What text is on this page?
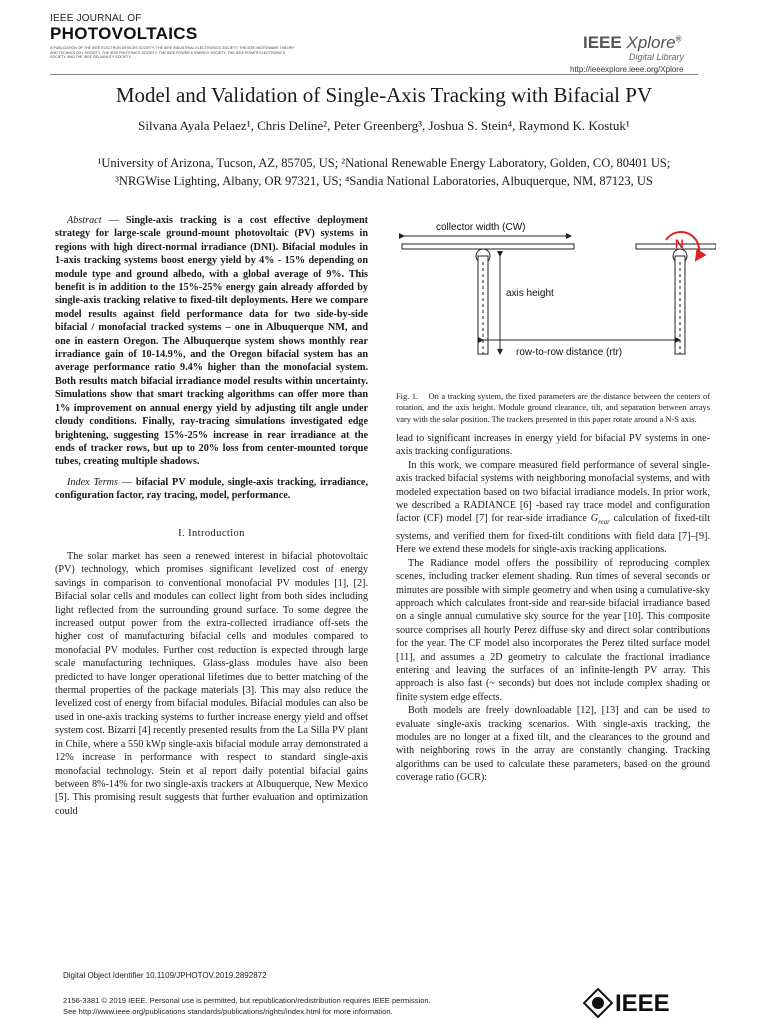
IEEE JOURNAL OF
PHOTOVOLTAICS
A PUBLICATION OF THE IEEE ELECTRON DEVICES SOCIETY, THE IEEE INDUSTRIAL ELECTRONICS SOCIETY, THE IEEE MICROWAVE THEORY AND TECHNOLOGY SOCIETY, THE IEEE PHOTONICS SOCIETY, THE IEEE POWER & ENERGY SOCIETY, THE IEEE POWER ELECTRONICS SOCIETY, AND THE IEEE RELIABILITY SOCIETY
IEEE Xplore®
Digital Library
http://ieeexplore.ieee.org/Xplore
Model and Validation of Single-Axis Tracking with Bifacial PV
Silvana Ayala Pelaez¹, Chris Deline², Peter Greenberg³, Joshua S. Stein⁴, Raymond K. Kostuk¹
¹University of Arizona, Tucson, AZ, 85705, US; ²National Renewable Energy Laboratory, Golden, CO, 80401 US;
³NRGWise Lighting, Albany, OR 97321, US; ⁴Sandia National Laboratories, Albuquerque, NM, 87123, US

Abstract — Single-axis tracking is a cost effective deployment strategy for large-scale ground-mount photovoltaic (PV) systems in regions with high direct-normal irradiance (DNI). Bifacial modules in 1-axis tracking systems boost energy yield by 4% - 15% depending on module type and ground albedo, with a global average of 9%. This benefit is in addition to the 15%-25% energy gain already afforded by single-axis tracking relative to fixed-tilt deployments. Here we compare model results against field performance data for two side-by-side bifacial / monofacial tracked systems – one in Albuquerque NM, and one in eastern Oregon. The Albuquerque system shows monthly rear irradiance gain of 10-14.9%, and the Oregon bifacial system has an average performance ratio 9.4% higher than the monofacial system. Both results match bifacial irradiance model results within uncertainty. Simulations show that smart tracking algorithms can offer more than 1% improvement on annual energy yield by adjusting tilt angle under cloudy conditions. Finally, ray-tracing simulations investigated edge brightening, suggesting 15%-25% increase in rear irradiance at the ends of tracker rows, but up to 20% loss from center-mounted torque tubes, creating multiple shadows.

Index Terms — bifacial PV module, single-axis tracking, irradiance, configuration factor, ray tracing, model, performance.

I. Introduction

The solar market has seen a renewed interest in bifacial photovoltaic (PV) technology, which promises significant levelized cost of energy savings in comparison to conventional monofacial PV modules [1], [2]. Bifacial solar cells and modules can collect light from both sides including light reflected from the surrounding ground surface. To some degree the increased output power from the extra-collected irradiance off-sets the higher cost of manufacturing bifacial cells and modules compared to monofacial PV modules. Further cost reduction is expected through large scale manufacturing techniques. Glass-glass modules have also been predicted to have longer operational lifetimes due to better matching of the thermal properties of the package materials [3]. This may also reduce the levelized cost of energy from bifacial modules. Bifacial modules can also be used in one-axis tracking systems to further increase energy yield and offset system cost. Bizarri [4] recently presented results from the La Silla PV plant in Chile, where a 550 kWp single-axis bifacial module array demonstrated a 12% increase in performance with respect to standard single-axis monofacial technology. Stein et al report daily potential bifacial gains between 8%-14% for two single-axis trackers at Albuquerque, New Mexico [5]. This promising result suggests that further evaluation and optimization could

collector width (CW)
axis height
N
row-to-row distance (rtr)
Fig. 1. On a tracking system, the fixed parameters are the distance between the centers of rotation, and the axis height. Module ground clearance, tilt, and separation between arrays vary with the solar position. The trackers presented in this paper rotate around a N-S axis.

lead to significant increases in energy yield for bifacial PV systems in one-axis tracking configurations.

In this work, we compare measured field performance of several single-axis tracked bifacial systems with neighboring monofacial systems, and with modeled expectation based on two bifacial irradiance models. In prior work, we described a RADIANCE [6] -based ray trace model and configuration factor (CF) model [7] for rear-side irradiance $G_{rear}$ calculation of fixed-tilt systems, and verified them for fixed-tilt conditions with field data [7]–[9]. Here we extend these models for single-axis tracking applications.

The Radiance model offers the possibility of reproducing complex scenes, including tracker element shading. Run times of several seconds or minutes are possible with simple geometry and when using a cumulative-sky approach which calculates front-side and rear-side bifacial irradiance based on a single annual cumulative sky source for the year [10]. This composite source comprises all hourly Perez diffuse sky and direct solar contributions for the year. The CF model also incorporates the Perez tilted surface model [11], and assumes a 2D geometry to calculate the fractional irradiance entering and leaving the surfaces of an infinite-length PV array. This approach is also fast (~ seconds) but does not include complex shading or finite system edge effects.

Both models are freely downloadable [12], [13] and can be used to evaluate single-axis tracking scenarios. With single-axis tracking, the modules are no longer at a fixed tilt, and the clearances to the ground and with neighboring rows in the array are constantly changing. Tracking algorithms can be used to calculate these parameters, based on the ground coverage ratio (GCR):

Digital Object Identifier 10.1109/JPHOTOV.2019.2892872
2156-3381 © 2019 IEEE. Personal use is permitted, but republication/redistribution requires IEEE permission.
See http://www.ieee.org/publications standards/publications/rights/index.html for more information.	IEEE
